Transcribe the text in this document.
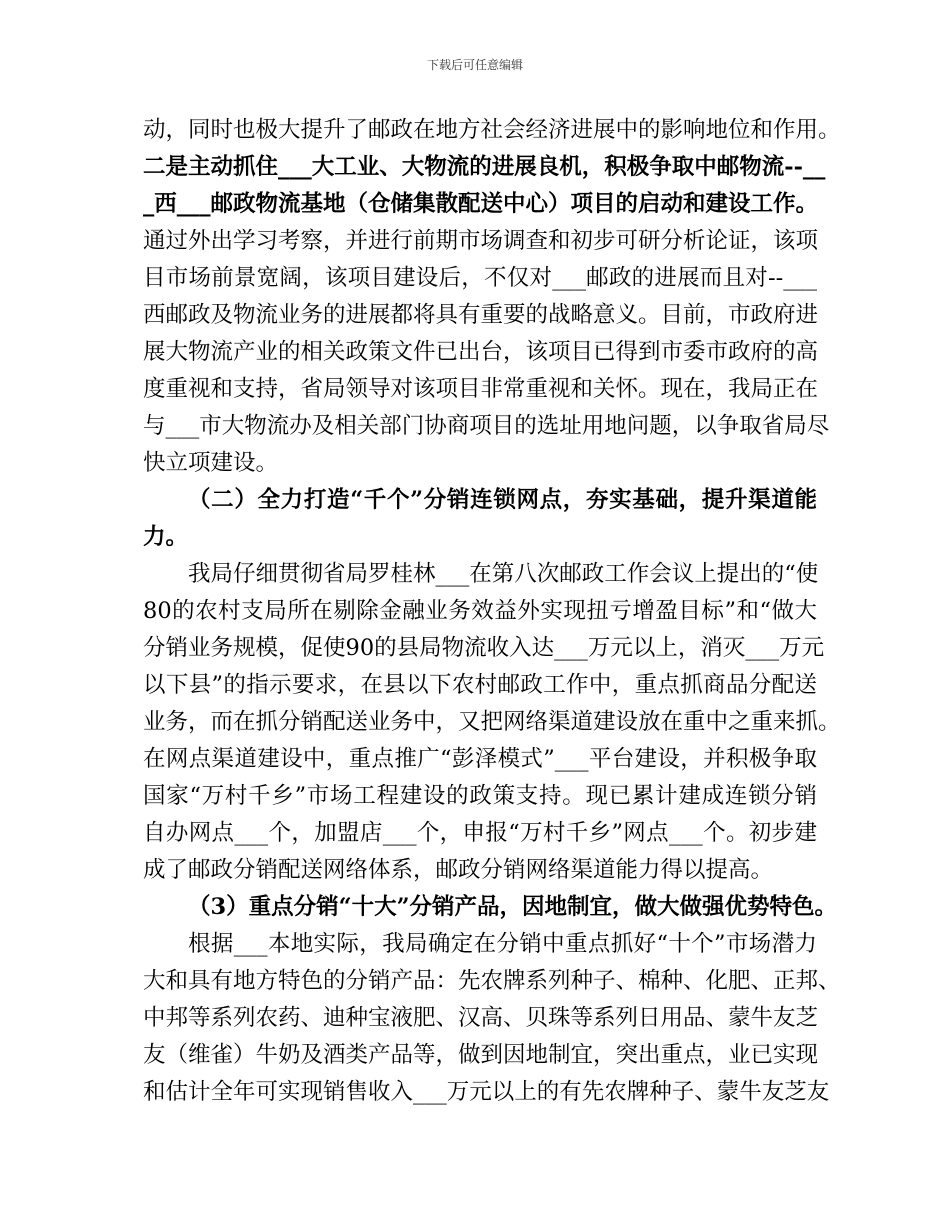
下载后可任意编辑
动，同时也极大提升了邮政在地方社会经济进展中的影响地位和作用。
二是主动抓住___大工业、大物流的进展良机，积极争取中邮物流--__
_西___邮政物流基地（仓储集散配送中心）项目的启动和建设工作。
通过外出学习考察，并进行前期市场调查和初步可研分析论证，该项
目市场前景宽阔，该项目建设后，不仅对___邮政的进展而且对--___
西邮政及物流业务的进展都将具有重要的战略意义。目前，市政府进
展大物流产业的相关政策文件已出台，该项目已得到市委市政府的高
度重视和支持，省局领导对该项目非常重视和关怀。现在，我局正在
与___市大物流办及相关部门协商项目的选址用地问题，以争取省局尽
快立项建设。
（二）全力打造“千个”分销连锁网点，夯实基础，提升渠道能
力。
我局仔细贯彻省局罗桂林___在第八次邮政工作会议上提出的“使
80的农村支局所在剔除金融业务效益外实现扭亏增盈目标”和“做大
分销业务规模，促使90的县局物流收入达___万元以上，消灭___万元
以下县”的指示要求，在县以下农村邮政工作中，重点抓商品分配送
业务，而在抓分销配送业务中，又把网络渠道建设放在重中之重来抓。
在网点渠道建设中，重点推广“彭泽模式”___平台建设，并积极争取
国家“万村千乡”市场工程建设的政策支持。现已累计建成连锁分销
自办网点___个，加盟店___个，申报“万村千乡”网点___个。初步建
成了邮政分销配送网络体系，邮政分销网络渠道能力得以提高。
（3）重点分销“十大”分销产品，因地制宜，做大做强优势特色。
根据___本地实际，我局确定在分销中重点抓好“十个”市场潜力
大和具有地方特色的分销产品：先农牌系列种子、棉种、化肥、正邦、
中邦等系列农药、迪种宝液肥、汉高、贝珠等系列日用品、蒙牛友芝
友（维雀）牛奶及酒类产品等，做到因地制宜，突出重点，业已实现
和估计全年可实现销售收入___万元以上的有先农牌种子、蒙牛友芝友
